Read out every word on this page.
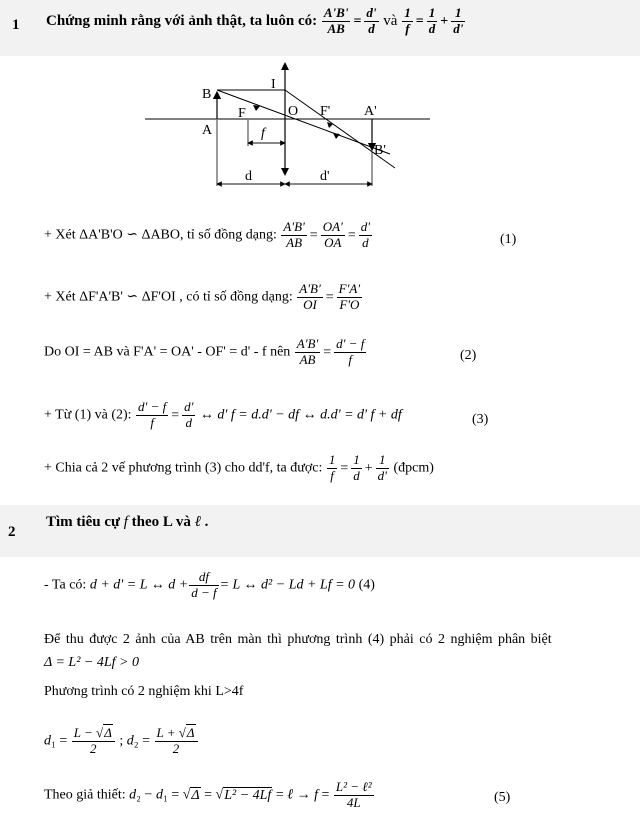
1 Chứng minh rằng với ảnh thật, ta luôn có: $\frac{A'B'}{AB} = \frac{d'}{d}$ và $\frac{1}{f} = \frac{1}{d} + \frac{1}{d'}$
B
I
O
F	F' A'
A	f
B'
d	d'
+ Xét ΔA'B'O ∽ ΔABO, tỉ số đồng dạng: $\frac{A'B'}{AB} = \frac{OA'}{OA} = \frac{d'}{d}$	(1)
+ Xét ΔF'A'B' ∽ ΔF'OI , có tỉ số đồng dạng: $\frac{A'B'}{OI} = \frac{F'A'}{F'O}$
Do OI = AB và F'A' = OA' - OF' = d' - f nên $\frac{A'B'}{AB} = \frac{d' - f}{f}$	(2)
+ Từ (1) và (2): $\frac{d' - f}{f} = \frac{d'}{d}$ ↔ d' f = d.d' − df ↔ d.d' = d' f + df	(3)
+ Chia cả 2 vế phương trình (3) cho dd'f, ta được: $\frac{1}{f} = \frac{1}{d} + \frac{1}{d'}$ (đpcm)
2
Tìm tiêu cự f theo L và ℓ .
- Ta có: d + d' = L ↔ $d + \frac{df}{d - f} = L$ ↔ d² − Ld + Lf = 0 (4)
Để thu được 2 ảnh của AB trên màn thì phương trình (4) phải có 2 nghiệm phân biệt
Δ = L² − 4Lf > 0
Phương trình có 2 nghiệm khi L>4f
$d_1 = \frac{L - √\Delta}{2}$ ; $d_2 = \frac{L + √\Delta}{2}$
Theo giả thiết: d₂ − d₁ = √Δ = √L² − 4Lf = ℓ → $f = \frac{\text{L² − ℓ²}}{4L}$	(5)
